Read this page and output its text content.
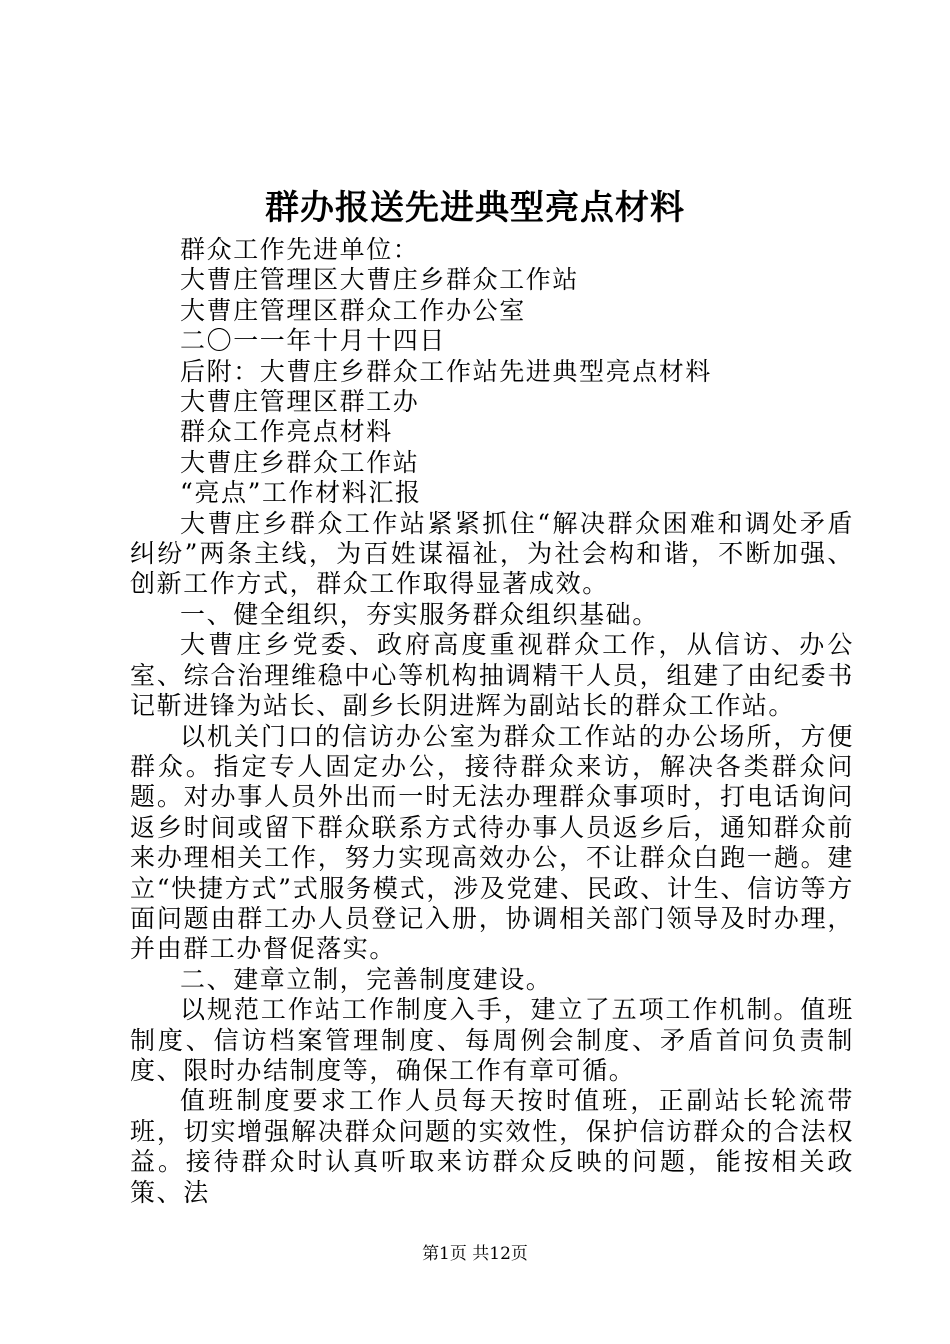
群办报送先进典型亮点材料

群众工作先进单位：

大曹庄管理区大曹庄乡群众工作站

大曹庄管理区群众工作办公室

二〇一一年十月十四日

后附：大曹庄乡群众工作站先进典型亮点材料

大曹庄管理区群工办

群众工作亮点材料

大曹庄乡群众工作站

“亮点”工作材料汇报

大曹庄乡群众工作站紧紧抓住“解决群众困难和调处矛盾纠纷”两条主线，为百姓谋福祉，为社会构和谐，不断加强、创新工作方式，群众工作取得显著成效。

一、健全组织，夯实服务群众组织基础。

大曹庄乡党委、政府高度重视群众工作，从信访、办公室、综合治理维稳中心等机构抽调精干人员，组建了由纪委书记靳进锋为站长、副乡长阴进辉为副站长的群众工作站。

以机关门口的信访办公室为群众工作站的办公场所，方便群众。指定专人固定办公，接待群众来访，解决各类群众问题。对办事人员外出而一时无法办理群众事项时，打电话询问返乡时间或留下群众联系方式待办事人员返乡后，通知群众前来办理相关工作，努力实现高效办公，不让群众白跑一趟。建立“快捷方式”式服务模式，涉及党建、民政、计生、信访等方面问题由群工办人员登记入册，协调相关部门领导及时办理，并由群工办督促落实。

二、建章立制，完善制度建设。

以规范工作站工作制度入手，建立了五项工作机制。值班制度、信访档案管理制度、每周例会制度、矛盾首问负责制度、限时办结制度等，确保工作有章可循。

值班制度要求工作人员每天按时值班，正副站长轮流带班，切实增强解决群众问题的实效性，保护信访群众的合法权益。接待群众时认真听取来访群众反映的问题，能按相关政策、法

第1页 共12页
